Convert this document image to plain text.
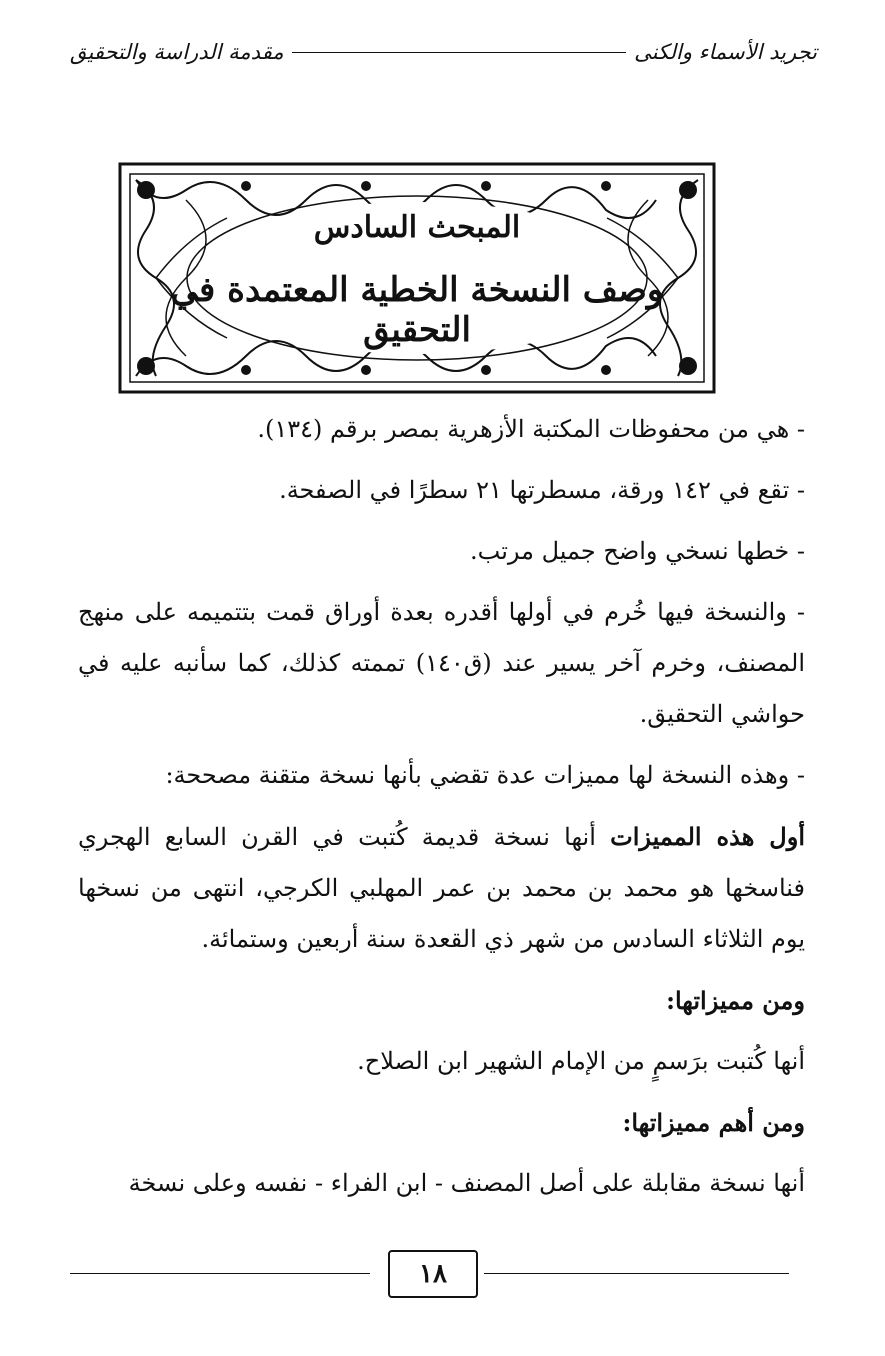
تجريد الأسماء والكنى
مقدمة الدراسة والتحقيق
المبحث السادس
وصف النسخة الخطية المعتمدة في التحقيق

- هي من محفوظات المكتبة الأزهرية بمصر برقم (١٣٤).

- تقع في ١٤٢ ورقة، مسطرتها ٢١ سطرًا في الصفحة.

- خطها نسخي واضح جميل مرتب.

- والنسخة فيها خُرم في أولها أقدره بعدة أوراق قمت بتتميمه على منهج المصنف، وخرم آخر يسير عند (ق١٤٠) تممته كذلك، كما سأنبه عليه في حواشي التحقيق.

- وهذه النسخة لها مميزات عدة تقضي بأنها نسخة متقنة مصححة:

أول هذه المميزات أنها نسخة قديمة كُتبت في القرن السابع الهجري فناسخها هو محمد بن محمد بن عمر المهلبي الكرجي، انتهى من نسخها يوم الثلاثاء السادس من شهر ذي القعدة سنة أربعين وستمائة.

ومن مميزاتها:

أنها كُتبت برَسمٍ من الإمام الشهير ابن الصلاح.

ومن أهم مميزاتها:

أنها نسخة مقابلة على أصل المصنف - ابن الفراء - نفسه وعلى نسخة

١٨
